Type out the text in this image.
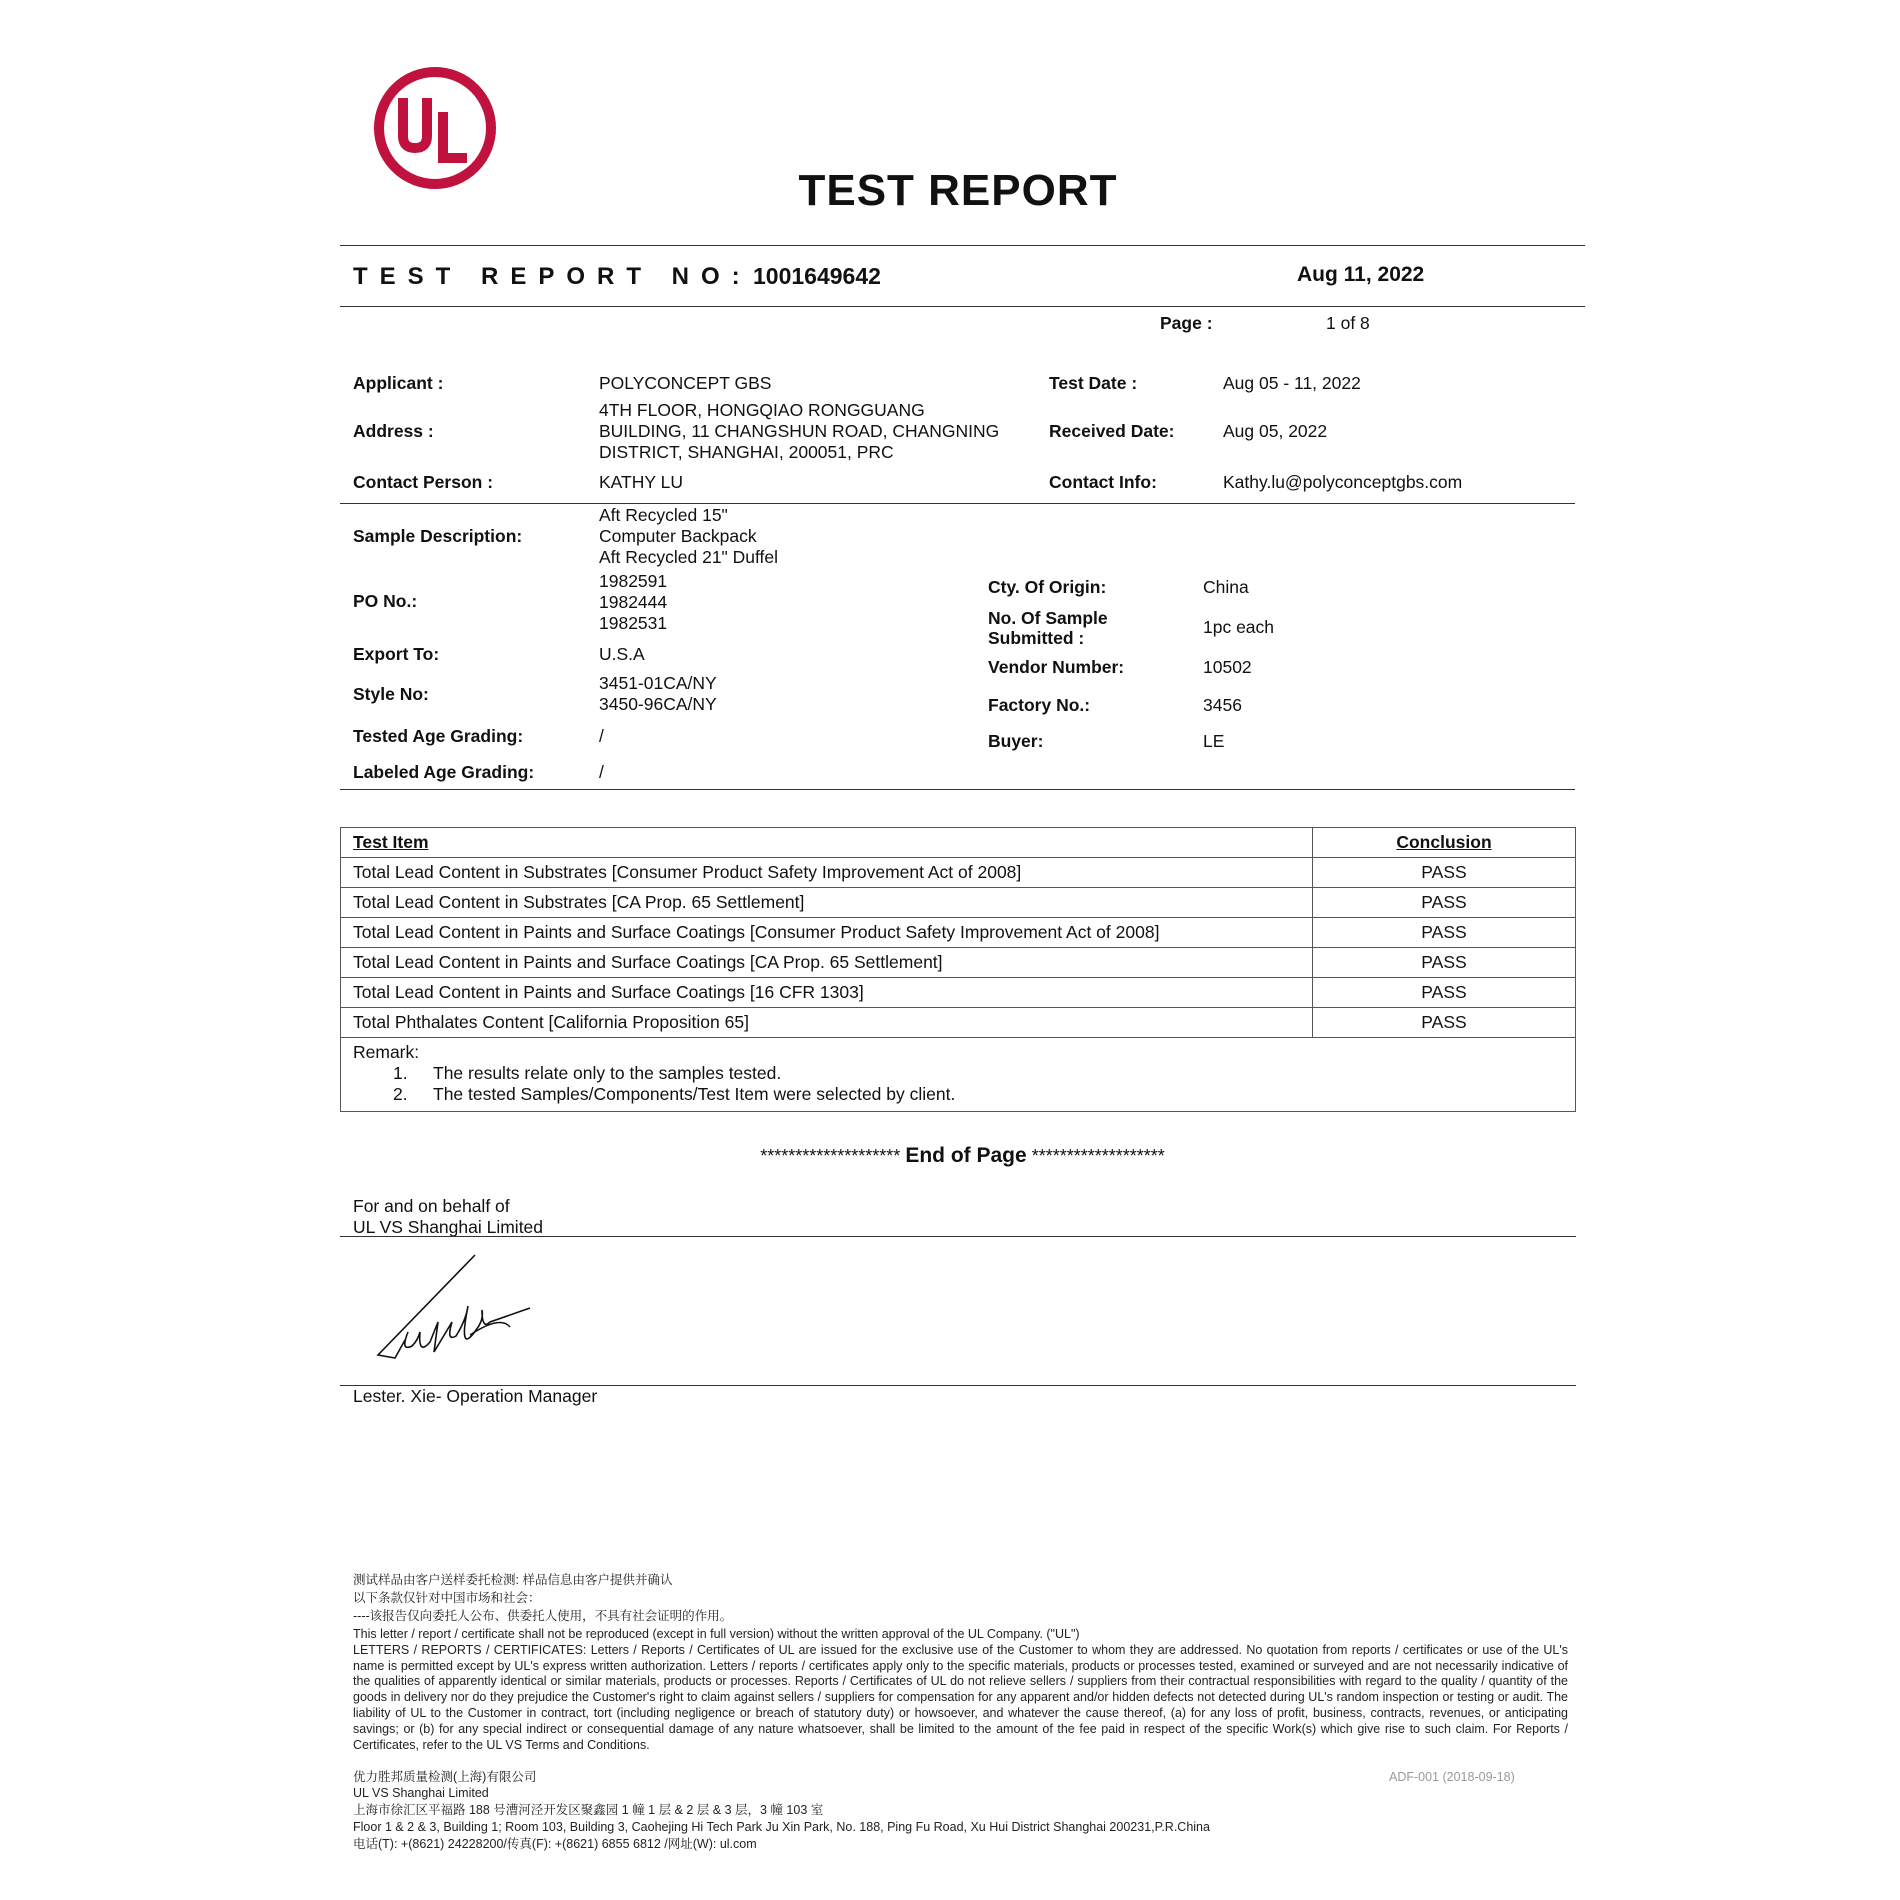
TEST REPORT
TEST REPORT NO: 1001649642	Aug 11, 2022
Page :	1 of 8
Applicant :	POLYCONCEPT GBS
Address :
4TH FLOOR, HONGQIAO RONGGUANG
BUILDING, 11 CHANGSHUN ROAD, CHANGNING
DISTRICT, SHANGHAI, 200051, PRC
Contact Person :	KATHY LU
Test Date :	Aug 05 - 11, 2022
Received Date:	Aug 05, 2022
Contact Info:	Kathy.lu@polyconceptgbs.com
Sample Description:
Aft Recycled 15"
Computer Backpack
Aft Recycled 21" Duffel
PO No.:
1982591
1982444
1982531
Export To:	U.S.A
Style No:
3451-01CA/NY
3450-96CA/NY
Tested Age Grading:	/
Labeled Age Grading:	/
Cty. Of Origin:	China
No. Of Sample
Submitted :
1pc each
Vendor Number:	10502
Factory No.:	3456
Buyer:	LE
Test Item	Conclusion
Total Lead Content in Substrates [Consumer Product Safety Improvement Act of 2008]	PASS
Total Lead Content in Substrates [CA Prop. 65 Settlement]	PASS
Total Lead Content in Paints and Surface Coatings [Consumer Product Safety Improvement Act of 2008]	PASS
Total Lead Content in Paints and Surface Coatings [CA Prop. 65 Settlement]	PASS
Total Lead Content in Paints and Surface Coatings [16 CFR 1303]	PASS
Total Phthalates Content [California Proposition 65]	PASS

Remark:
1. The results relate only to the samples tested.
2. The tested Samples/Components/Test Item were selected by client.	
******************** End of Page *******************
For and on behalf of
UL VS Shanghai Limited
Lester. Xie- Operation Manager
测试样品由客户送样委托检测: 样品信息由客户提供并确认
以下条款仅针对中国市场和社会：
----该报告仅向委托人公布、供委托人使用，不具有社会证明的作用。
This letter / report / certificate shall not be reproduced (except in full version) without the written approval of the UL Company. ("UL")
LETTERS / REPORTS / CERTIFICATES: Letters / Reports / Certificates of UL are issued for the exclusive use of the Customer to whom they are addressed. No quotation from reports / certificates or use of the UL's name is permitted except by UL's express written authorization. Letters / reports / certificates apply only to the specific materials, products or processes tested, examined or surveyed and are not necessarily indicative of the qualities of apparently identical or similar materials, products or processes. Reports / Certificates of UL do not relieve sellers / suppliers from their contractual responsibilities with regard to the quality / quantity of the goods in delivery nor do they prejudice the Customer's right to claim against sellers / suppliers for compensation for any apparent and/or hidden defects not detected during UL's random inspection or testing or audit. The liability of UL to the Customer in contract, tort (including negligence or breach of statutory duty) or howsoever, and whatever the cause thereof, (a) for any loss of profit, business, contracts, revenues, or anticipating savings; or (b) for any special indirect or consequential damage of any nature whatsoever, shall be limited to the amount of the fee paid in respect of the specific Work(s) which give rise to such claim. For Reports / Certificates, refer to the UL VS Terms and Conditions.
优力胜邦质量检测(上海)有限公司	ADF-001 (2018-09-18)
UL VS Shanghai Limited
上海市徐汇区平福路 188 号漕河泾开发区聚鑫园 1 幢 1 层 & 2 层 & 3 层，3 幢 103 室
Floor 1 & 2 & 3, Building 1; Room 103, Building 3, Caohejing Hi Tech Park Ju Xin Park, No. 188, Ping Fu Road, Xu Hui District Shanghai 200231,P.R.China
电话(T): +(8621) 24228200/传真(F): +(8621) 6855 6812 /网址(W): ul.com
